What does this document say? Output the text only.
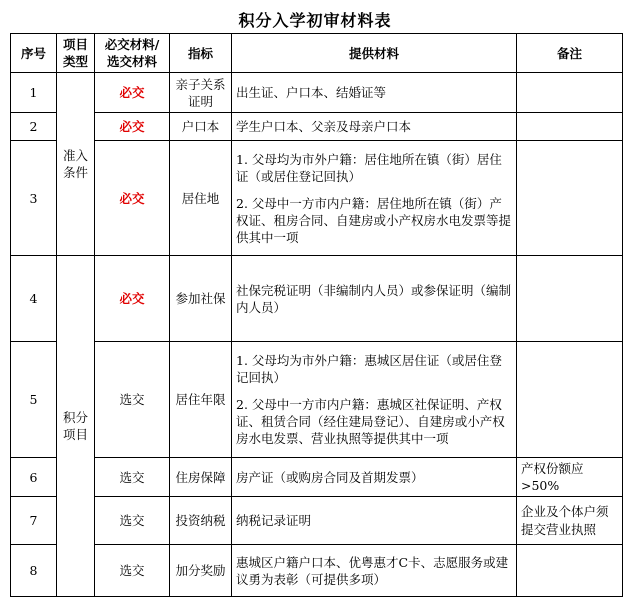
积分入学初审材料表
序号	项目类型	必交材料/选交材料	指标	提供材料	备注
1	准入条件	必交	亲子关系证明	出生证、户口本、结婚证等	
2		必交	户口本	学生户口本、父亲及母亲户口本	
3		必交	居住地	1. 父母均为市外户籍：居住地所在镇（街）居住证（或居住登记回执）
2. 父母中一方市内户籍：居住地所在镇（街）产权证、租房合同、自建房或小产权房水电发票等提供其中一项	

4	积分项目	必交	参加社保	社保完税证明（非编制内人员）或参保证明（编制内人员）	
5		选交	居住年限	1. 父母均为市外户籍：惠城区居住证（或居住登记回执）
2. 父母中一方市内户籍：惠城区社保证明、产权证、租赁合同（经住建局登记）、自建房或小产权房水电发票、营业执照等提供其中一项	

6		选交	住房保障	房产证（或购房合同及首期发票）	产权份额应>50%
7		选交	投资纳税	纳税记录证明	企业及个体户须提交营业执照
8		选交	加分奖励	惠城区户籍户口本、优粤惠才C卡、志愿服务或建议勇为表彰（可提供多项）	
